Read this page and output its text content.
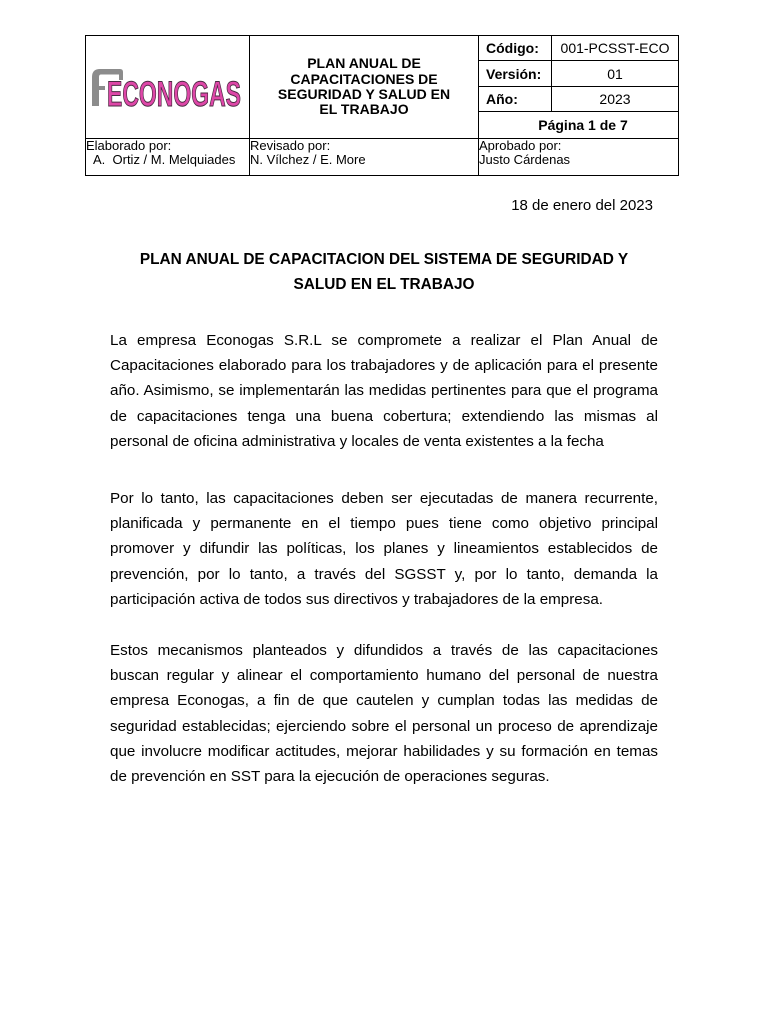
ECONOGAS
ECONOGAS
PLAN ANUAL DE
CAPACITACIONES DE
SEGURIDAD Y SALUD EN
EL TRABAJO
Código:	001-PCSST-ECO
Versión:	01
Año:	2023
Página 1 de 7
Elaborado por:
A.  Ortiz / M. Melquiades
Revisado por:
N. Vílchez / E. More
Aprobado por:
Justo Cárdenas
18 de enero del 2023
PLAN ANUAL DE CAPACITACION DEL SISTEMA DE SEGURIDAD Y
SALUD EN EL TRABAJO
La empresa Econogas S.R.L se compromete a realizar el Plan Anual de
Capacitaciones elaborado para los trabajadores y de aplicación para el presente
año. Asimismo, se implementarán las medidas pertinentes para que el programa
de capacitaciones tenga una buena cobertura; extendiendo las mismas al
personal de oficina administrativa y locales de venta existentes a la fecha
Por lo tanto, las capacitaciones deben ser ejecutadas de manera recurrente,
planificada y permanente en el tiempo pues tiene como objetivo principal
promover y difundir las políticas, los planes y lineamientos establecidos de
prevención, por lo tanto, a través del SGSST y, por lo tanto, demanda la
participación activa de todos sus directivos y trabajadores de la empresa.
Estos mecanismos planteados y difundidos a través de las capacitaciones
buscan regular y alinear el comportamiento humano del personal de nuestra
empresa Econogas, a fin de que cautelen y cumplan todas las medidas de
seguridad establecidas; ejerciendo sobre el personal un proceso de aprendizaje
que involucre modificar actitudes, mejorar habilidades y su formación en temas
de prevención en SST para la ejecución de operaciones seguras.
